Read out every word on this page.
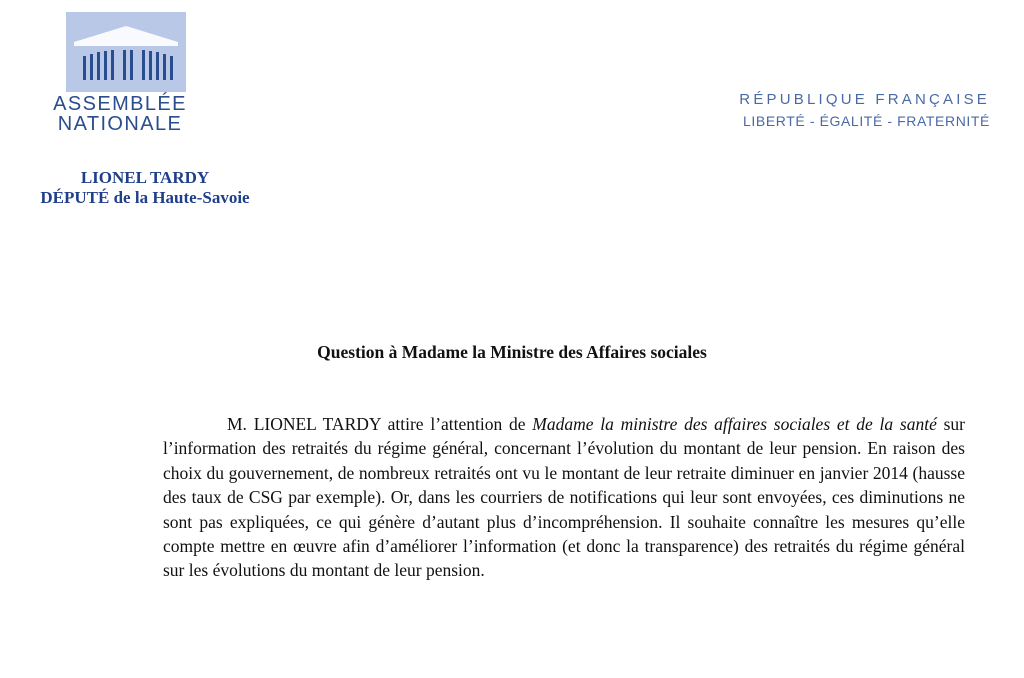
ASSEMBLÉE
NATIONALE
RÉPUBLIQUE FRANÇAISE
LIBERTÉ - ÉGALITÉ - FRATERNITÉ
LIONEL TARDY
DÉPUTÉ de la Haute-Savoie
Question à Madame la Ministre des Affaires sociales
M. LIONEL TARDY attire l’attention de Madame la ministre des affaires sociales et de la santé sur l’information des retraités du régime général, concernant l’évolution du montant de leur pension. En raison des choix du gouvernement, de nombreux retraités ont vu le montant de leur retraite diminuer en janvier 2014 (hausse des taux de CSG par exemple). Or, dans les courriers de notifications qui leur sont envoyées, ces diminutions ne sont pas expliquées, ce qui génère d’autant plus d’incompréhension. Il souhaite connaître les mesures qu’elle compte mettre en œuvre afin d’améliorer l’information (et donc la transparence) des retraités du régime général sur les évolutions du montant de leur pension.
